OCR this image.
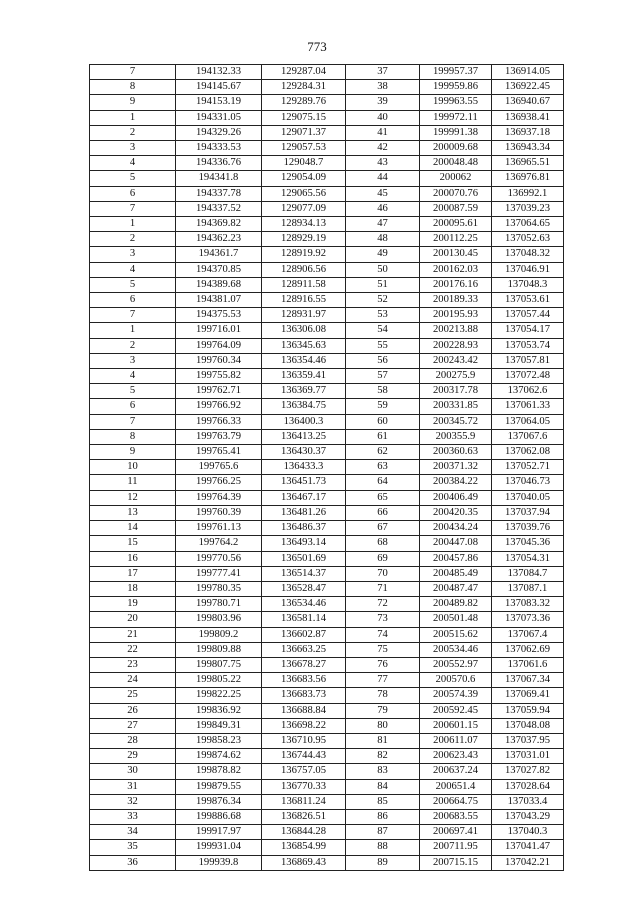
773
7	194132.33	129287.04	37	199957.37	136914.05
8	194145.67	129284.31	38	199959.86	136922.45
9	194153.19	129289.76	39	199963.55	136940.67
1	194331.05	129075.15	40	199972.11	136938.41
2	194329.26	129071.37	41	199991.38	136937.18
3	194333.53	129057.53	42	200009.68	136943.34
4	194336.76	129048.7	43	200048.48	136965.51
5	194341.8	129054.09	44	200062	136976.81
6	194337.78	129065.56	45	200070.76	136992.1
7	194337.52	129077.09	46	200087.59	137039.23
1	194369.82	128934.13	47	200095.61	137064.65
2	194362.23	128929.19	48	200112.25	137052.63
3	194361.7	128919.92	49	200130.45	137048.32
4	194370.85	128906.56	50	200162.03	137046.91
5	194389.68	128911.58	51	200176.16	137048.3
6	194381.07	128916.55	52	200189.33	137053.61
7	194375.53	128931.97	53	200195.93	137057.44
1	199716.01	136306.08	54	200213.88	137054.17
2	199764.09	136345.63	55	200228.93	137053.74
3	199760.34	136354.46	56	200243.42	137057.81
4	199755.82	136359.41	57	200275.9	137072.48
5	199762.71	136369.77	58	200317.78	137062.6
6	199766.92	136384.75	59	200331.85	137061.33
7	199766.33	136400.3	60	200345.72	137064.05
8	199763.79	136413.25	61	200355.9	137067.6
9	199765.41	136430.37	62	200360.63	137062.08
10	199765.6	136433.3	63	200371.32	137052.71
11	199766.25	136451.73	64	200384.22	137046.73
12	199764.39	136467.17	65	200406.49	137040.05
13	199760.39	136481.26	66	200420.35	137037.94
14	199761.13	136486.37	67	200434.24	137039.76
15	199764.2	136493.14	68	200447.08	137045.36
16	199770.56	136501.69	69	200457.86	137054.31
17	199777.41	136514.37	70	200485.49	137084.7
18	199780.35	136528.47	71	200487.47	137087.1
19	199780.71	136534.46	72	200489.82	137083.32
20	199803.96	136581.14	73	200501.48	137073.36
21	199809.2	136602.87	74	200515.62	137067.4
22	199809.88	136663.25	75	200534.46	137062.69
23	199807.75	136678.27	76	200552.97	137061.6
24	199805.22	136683.56	77	200570.6	137067.34
25	199822.25	136683.73	78	200574.39	137069.41
26	199836.92	136688.84	79	200592.45	137059.94
27	199849.31	136698.22	80	200601.15	137048.08
28	199858.23	136710.95	81	200611.07	137037.95
29	199874.62	136744.43	82	200623.43	137031.01
30	199878.82	136757.05	83	200637.24	137027.82
31	199879.55	136770.33	84	200651.4	137028.64
32	199876.34	136811.24	85	200664.75	137033.4
33	199886.68	136826.51	86	200683.55	137043.29
34	199917.97	136844.28	87	200697.41	137040.3
35	199931.04	136854.99	88	200711.95	137041.47
36	199939.8	136869.43	89	200715.15	137042.21
